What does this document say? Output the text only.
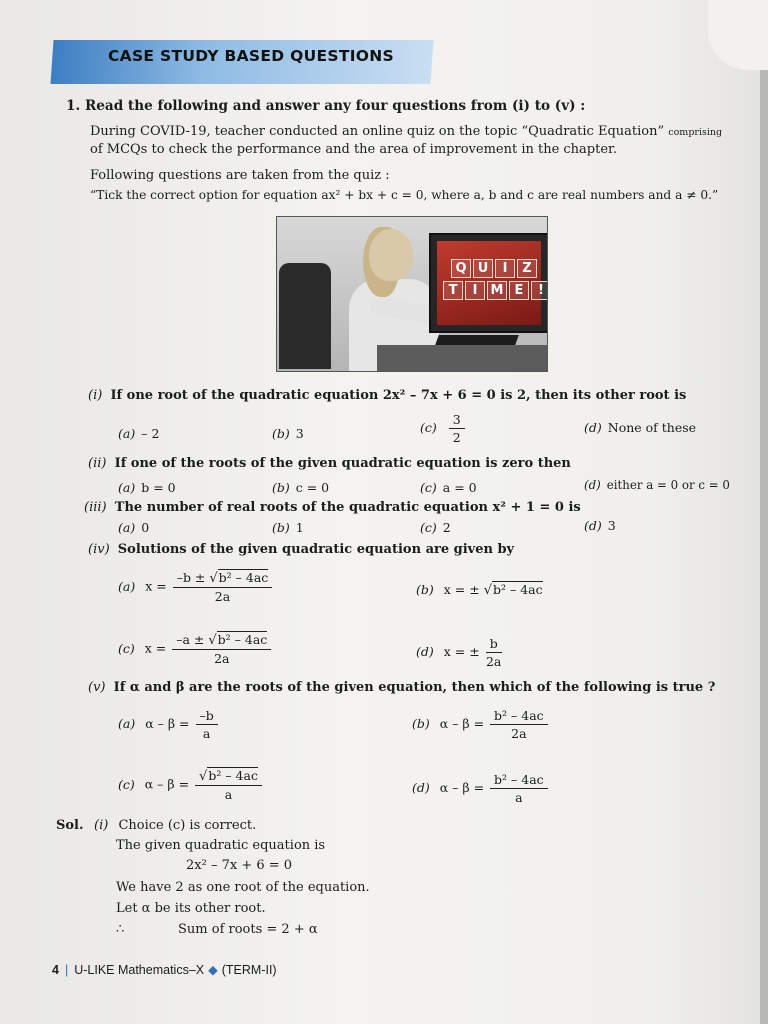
CASE STUDY BASED QUESTIONS
1. Read the following and answer any four questions from (i) to (v) :
During COVID-19, teacher conducted an online quiz on the topic “Quadratic Equation” comprising
of MCQs to check the performance and the area of improvement in the chapter.
Following questions are taken from the quiz :
“Tick the correct option for equation ax² + bx + c = 0, where a, b and c are real numbers and a ≠ 0.”
Q U	I	Z
T	I	M E	!
(i) If one root of the quadratic equation 2x² – 7x + 6 = 0 is 2, then its other root is
(a) – 2	(b) 3	$(c) \frac{3}{2}$	(d) None of these
(ii) If one of the roots of the given quadratic equation is zero then
(a) b = 0	(b) c = 0	(c) a = 0	(d) either a = 0 or c = 0
(iii) The number of real roots of the quadratic equation x² + 1 = 0 is
(a) 0	(b) 1	(c) 2	(d) 3
(iv) Solutions of the given quadratic equation are given by
(a) $x = \frac{\text{–b ± √b² – 4ac}}{2a}$	(b) x = ± √b² – 4ac
(c) $x = \frac{\text{–a ± √b² – 4ac}}{2a}$	(d) x = ± $\frac{b}{2a}$
(v) If α and β are the roots of the given equation, then which of the following is true ?
(a) $\alpha - \beta = \frac{-b}{a}$	(b) $\alpha - \beta = \frac{\text{b² – 4ac}}{2a}$
(c) $\alpha - \beta = \frac{\text{√b² – 4ac}}{a}$	(d) $\alpha - \beta = \frac{\text{b² – 4ac}}{a}$
Sol. (i) Choice (c) is correct.
The given quadratic equation is
2x² – 7x + 6 = 0
We have 2 as one root of the equation.
Let α be its other root.
∴	Sum of roots = 2 + α
4 | U-LIKE Mathematics–X ◆ (TERM-II)
